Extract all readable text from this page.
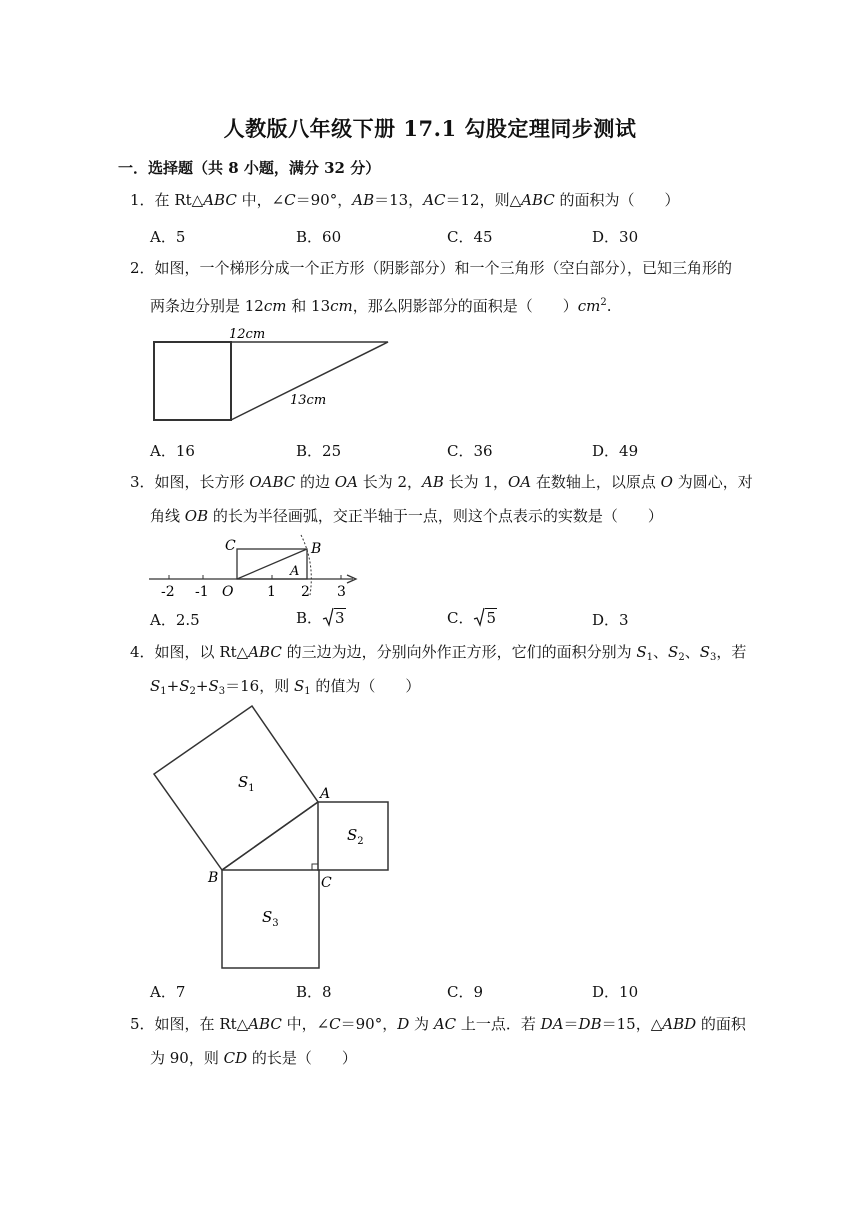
人教版八年级下册 17.1 勾股定理同步测试
一．选择题（共 8 小题，满分 32 分）
1．在 Rt△ABC 中，∠C＝90°，AB＝13，AC＝12，则△ABC 的面积为（　　）
A．5	B．60	C．45	D．30
2．如图，一个梯形分成一个正方形（阴影部分）和一个三角形（空白部分），已知三角形的
两条边分别是 12cm 和 13cm，那么阴影部分的面积是（　　）$cm^2$.
12cm
13cm
A．16	B．25	C．36	D．49
3．如图，长方形 OABC 的边 OA 长为 2，AB 长为 1，OA 在数轴上，以原点 O 为圆心，对
角线 OB 的长为半径画弧，交正半轴于一点，则这个点表示的实数是（　　）
C	B
A
O
-2 -1	1 2 3
A．2.5	B． 3	C． 5	D．3
4．如图，以 Rt△ABC 的三边为边，分别向外作正方形，它们的面积分别为 $S_1$、$S_2$、$S_3$，若
$S_1+S_2+S_3=16$，则 $S_1$ 的值为（　　）
A
B	C
$S_1$
$S_2$
$S_3$
A．7	B．8	C．9	D．10
5．如图，在 Rt△ABC 中，∠C＝90°，D 为 AC 上一点．若 DA＝DB＝15，△ABD 的面积
为 90，则 CD 的长是（　　）
